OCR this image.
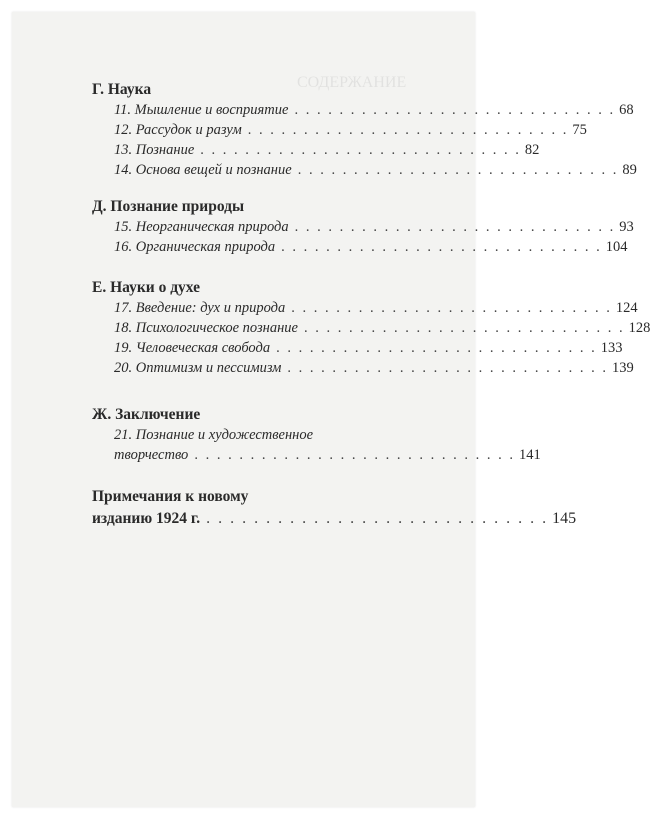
СОДЕРЖАНИЕ
Г. Наука
11. Мышление и восприятие . . . . . . . . . . . . . . . . . . . . . . . . . . . . . 68
12. Рассудок и разум . . . . . . . . . . . . . . . . . . . . . . . . . . . . . 75
13. Познание . . . . . . . . . . . . . . . . . . . . . . . . . . . . . 82
14. Основа вещей и познание . . . . . . . . . . . . . . . . . . . . . . . . . . . . . 89
Д. Познание природы
15. Неорганическая природа . . . . . . . . . . . . . . . . . . . . . . . . . . . . . 93
16. Органическая природа . . . . . . . . . . . . . . . . . . . . . . . . . . . . . 104
Е. Науки о духе
17. Введение: дух и природа . . . . . . . . . . . . . . . . . . . . . . . . . . . . . 124
18. Психологическое познание . . . . . . . . . . . . . . . . . . . . . . . . . . . . . 128
19. Человеческая свобода . . . . . . . . . . . . . . . . . . . . . . . . . . . . . 133
20. Оптимизм и пессимизм . . . . . . . . . . . . . . . . . . . . . . . . . . . . . 139
Ж. Заключение
21. Познание и художественное
творчество . . . . . . . . . . . . . . . . . . . . . . . . . . . . . 141
Примечания к новому
изданию 1924 г. . . . . . . . . . . . . . . . . . . . . . . . . . . . . . 145
